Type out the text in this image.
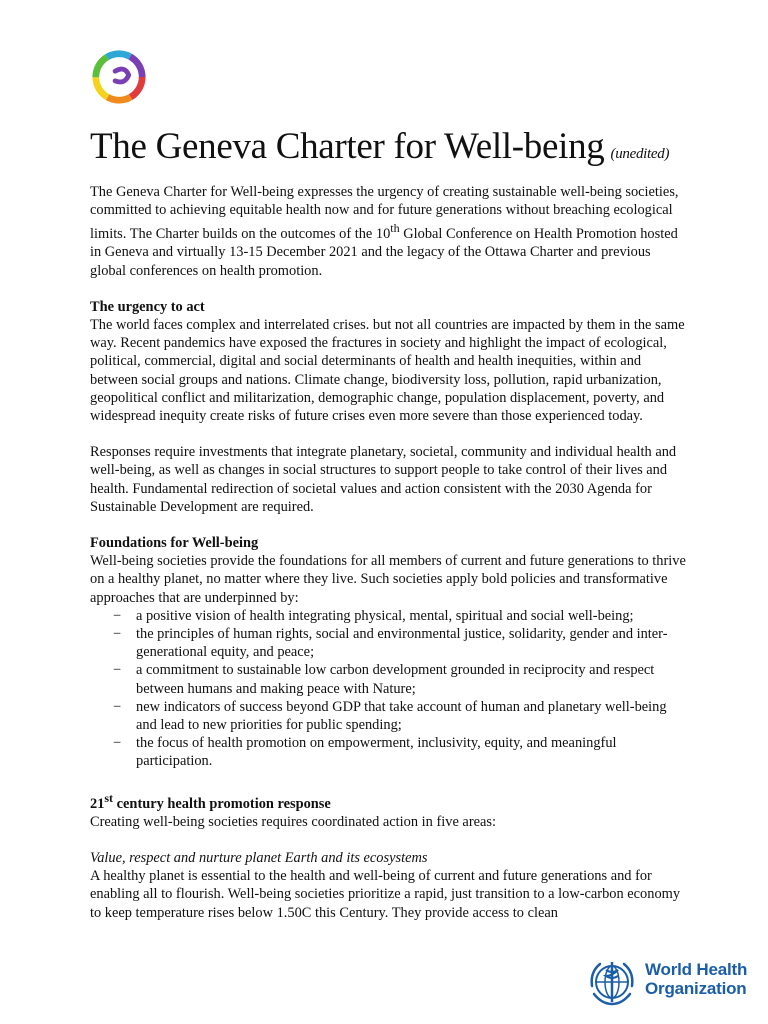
The Geneva Charter for Well-being (unedited)

The Geneva Charter for Well-being expresses the urgency of creating sustainable well-being societies, committed to achieving equitable health now and for future generations without breaching ecological limits. The Charter builds on the outcomes of the 10th Global Conference on Health Promotion hosted in Geneva and virtually 13-15 December 2021 and the legacy of the Ottawa Charter and previous global conferences on health promotion.

The urgency to act

The world faces complex and interrelated crises. but not all countries are impacted by them in the same way. Recent pandemics have exposed the fractures in society and highlight the impact of ecological, political, commercial, digital and social determinants of health and health inequities, within and between social groups and nations. Climate change, biodiversity loss, pollution, rapid urbanization, geopolitical conflict and militarization, demographic change, population displacement, poverty, and widespread inequity create risks of future crises even more severe than those experienced today.

Responses require investments that integrate planetary, societal, community and individual health and well-being, as well as changes in social structures to support people to take control of their lives and health. Fundamental redirection of societal values and action consistent with the 2030 Agenda for Sustainable Development are required.

Foundations for Well-being

Well-being societies provide the foundations for all members of current and future generations to thrive on a healthy planet, no matter where they live. Such societies apply bold policies and transformative approaches that are underpinned by:

− a positive vision of health integrating physical, mental, spiritual and social well-being;
− the principles of human rights, social and environmental justice, solidarity, gender and inter-generational equity, and peace;
− a commitment to sustainable low carbon development grounded in reciprocity and respect between humans and making peace with Nature;
− new indicators of success beyond GDP that take account of human and planetary well-being and lead to new priorities for public spending;
− the focus of health promotion on empowerment, inclusivity, equity, and meaningful participation.

21st century health promotion response

Creating well-being societies requires coordinated action in five areas:

Value, respect and nurture planet Earth and its ecosystems

A healthy planet is essential to the health and well-being of current and future generations and for enabling all to flourish. Well-being societies prioritize a rapid, just transition to a low-carbon economy to keep temperature rises below 1.50C this Century. They provide access to clean

World Health
Organization
